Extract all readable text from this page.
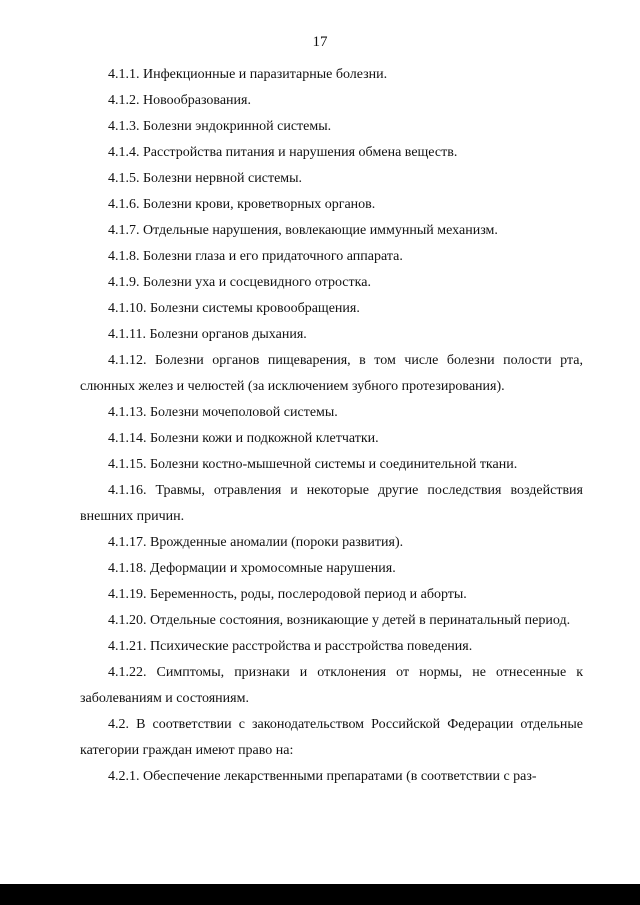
17

4.1.1. Инфекционные и паразитарные болезни.

4.1.2. Новообразования.

4.1.3. Болезни эндокринной системы.

4.1.4. Расстройства питания и нарушения обмена веществ.

4.1.5. Болезни нервной системы.

4.1.6. Болезни крови, кроветворных органов.

4.1.7. Отдельные нарушения, вовлекающие иммунный механизм.

4.1.8. Болезни глаза и его придаточного аппарата.

4.1.9. Болезни уха и сосцевидного отростка.

4.1.10. Болезни системы кровообращения.

4.1.11. Болезни органов дыхания.

4.1.12. Болезни органов пищеварения, в том числе болезни полости рта, слюнных желез и челюстей (за исключением зубного протезирования).

4.1.13. Болезни мочеполовой системы.

4.1.14. Болезни кожи и подкожной клетчатки.

4.1.15. Болезни костно-мышечной системы и соединительной ткани.

4.1.16. Травмы, отравления и некоторые другие последствия воздействия внешних причин.

4.1.17. Врожденные аномалии (пороки развития).

4.1.18. Деформации и хромосомные нарушения.

4.1.19. Беременность, роды, послеродовой период и аборты.

4.1.20. Отдельные состояния, возникающие у детей в перинатальный период.

4.1.21. Психические расстройства и расстройства поведения.

4.1.22. Симптомы, признаки и отклонения от нормы, не отнесенные к заболеваниям и состояниям.

4.2. В соответствии с законодательством Российской Федерации отдельные категории граждан имеют право на:

4.2.1. Обеспечение лекарственными препаратами (в соответствии с раз-
